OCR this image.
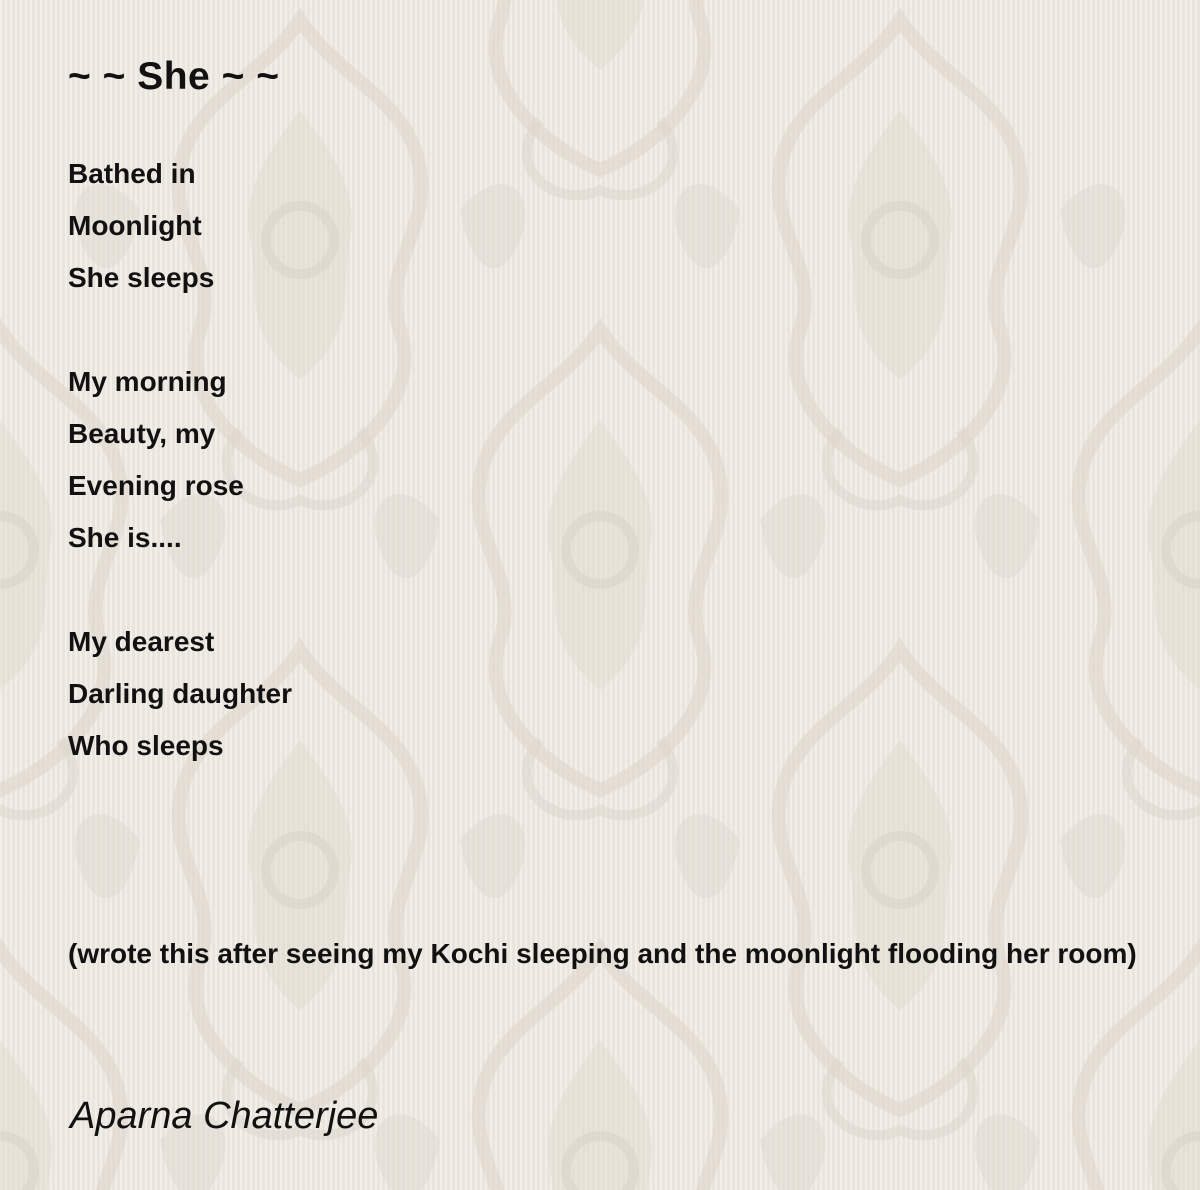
~ ~ She ~ ~
Bathed in
Moonlight
She sleeps
My morning
Beauty, my
Evening rose
She is....
My dearest
Darling daughter
Who sleeps
(wrote this after seeing my Kochi sleeping and the moonlight flooding her room)
Aparna Chatterjee
